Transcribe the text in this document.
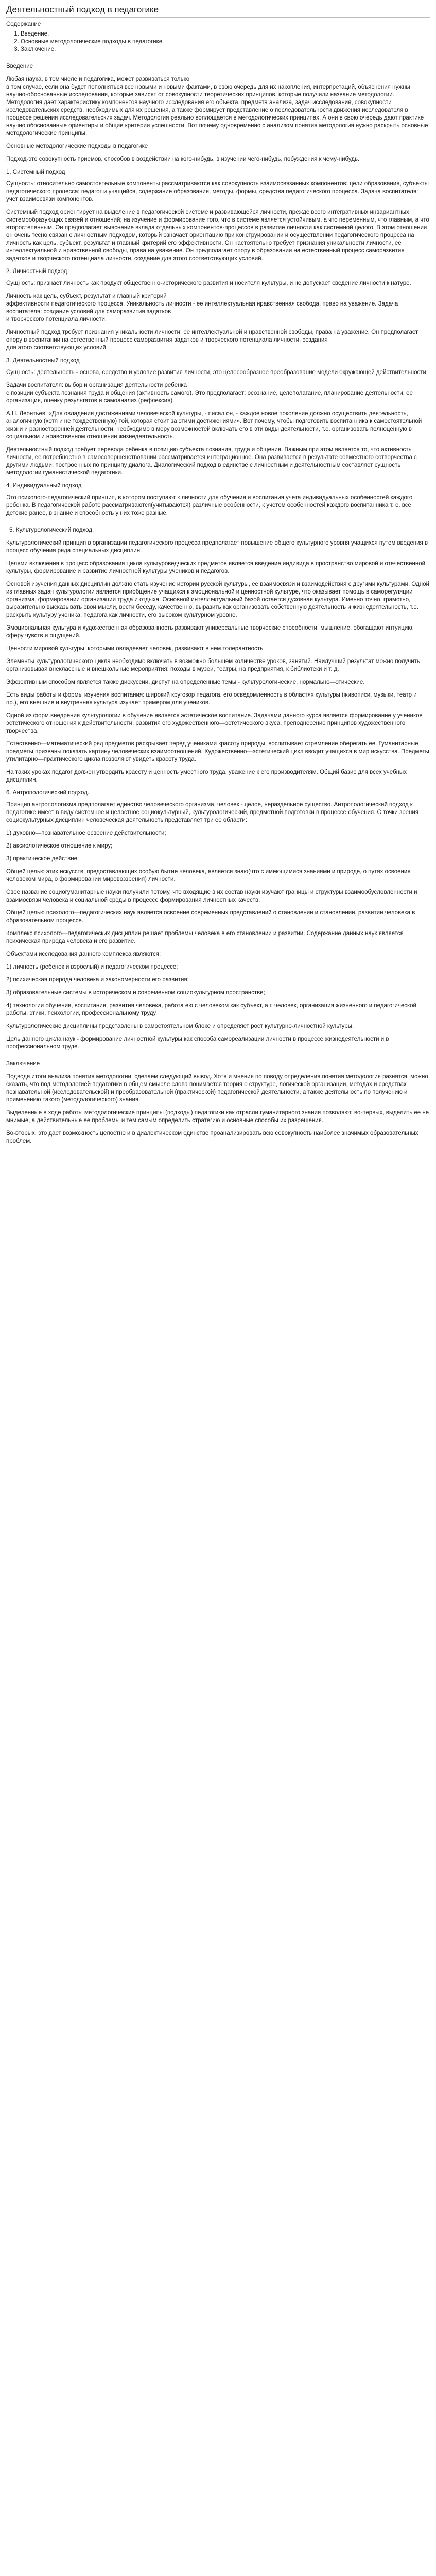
Деятельностный подход в педагогике
Содержание
1. Введение.
2. Основные методологические подходы в педагогике.
3. Заключение.
Введение

Любая наука, в том числе и педагогика, может развиваться только
в том случае, если она будет пополняться все новыми и новыми фактами, в свою очередь для их накопления, интерпретаций, объяснения нужны научно-обоснованные исследования, которые зависят от совокупности теоретических принципов, которые получили название методологии. Методология дает характеристику компонентов научного исследования его объекта, предмета анализа, задач исследования, совокупности исследовательских средств, необходимых для их решения, а также формирует представление о последовательности движения исследователя в процессе решения исследовательских задач. Методология реально воплощается в методологических принципах. А они в свою очередь дают практике научно обоснованные ориентиры и общие критерии успешности. Вот почему одновременно с анализом понятия методология нужно раскрыть основные методологические принципы.

Основные методологические подходы в педагогике

Подход-это совокупность приемов, способов в воздействии на кого-нибудь, в изучении чего-нибудь, побуждения к чему-нибудь.

1. Системный подход

Сущность: относительно самостоятельные компоненты рассматриваются как совокупность взаимосвязанных компонентов: цели образования, субъекты педагогического процесса: педагог и учащийся, содержание образования, методы, формы, средства педагогического процесса. Задача воспитателя: учет взаимосвязи компонентов.

Системный подход ориентирует на выделение в педагогической системе и развивающейся личности, прежде всего интегративных инвариантных системообразующих связей и отношений; на изучение и формирование того, что в системе является устойчивым, а что переменным, что главным, а что второстепенным. Он предполагает выяснение вклада отдельных компонентов-процессов в развитие личности как системной целого. В этом отношении он очень тесно связан с личностным подходом, который означает ориентацию при конструировании и осуществлении педагогического процесса на личность как цель, субъект, результат и главный критерий его эффективности. Он настоятельно требует признания уникальности личности, ее интеллектуальной и нравственной свободы, права на уважение. Он предполагает опору в образовании на естественный процесс саморазвития задатков и творческого потенциала личности, создание для этого соответствующих условий.

2. Личностный подход

Сущность: признает личность как продукт общественно-исторического развития и носителя культуры, и не допускает сведение личности к натуре.

Личность как цель, субъект, результат и главный критерий
эффективности педагогического процесса. Уникальность личности - ее интеллектуальная нравственная свобода, право на уважение. Задача воспитателя: создание условий для саморазвития задатков
и творческого потенциала личности.

Личностный подход требует признания уникальности личности, ее интеллектуальной и нравственной свободы, права на уважение. Он предполагает опору в воспитании на естественный процесс саморазвития задатков и творческого потенциала личности, создания
для этого соответствующих условий.

3. Деятельностный подход

Сущность: деятельность - основа, средство и условие развития личности, это целесообразное преобразование модели окружающей действительности.

Задачи воспитателя: выбор и организация деятельности ребенка
с позиции субъекта познания труда и общения (активность самого). Это предполагает: осознание, целеполагание, планирование деятельности, ее организация, оценку результатов и самоанализ (рефлексия).

А.Н. Леонтьев. «Для овладения достижениями человеческой культуры, - писал он, - каждое новое поколение должно осуществить деятельность, аналогичную (хотя и не тождественную) той, которая стоит за этими достижениями». Вот почему, чтобы подготовить воспитанника к самостоятельной жизни и разносторонней деятельности, необходимо в меру возможностей включать его в эти виды деятельности, т.е. организовать полноценную в социальном и нравственном отношении жизнедеятельность.

Деятельностный подход требует перевода ребенка в позицию субъекта познания, труда и общения. Важным при этом является то, что активность личности, ее потребностно в самосовершенствовании рассматривается интеграционное. Она развивается в результате совместного сотворчества с другими людьми, построенных по принципу диалога. Диалогический подход в единстве с личностным и деятельностным составляет сущность методологии гуманистической педагогики.

4. Индивидуальный подход

Это психолого-педагогический принцип, в котором поступают к личности для обучения и воспитания учета индивидуальных особенностей каждого ребенка. В педагогической работе рассматриваются(учитываются) различные особенности, к учетом особенностей каждого воспитанника т. е. все детские ранее, в знание и способность у них тоже разные.

5. Культурологический подход.

Культурологический принцип в организации педагогического процесса предполагает повышение общего культурного уровня учащихся путем введения в процесс обучения ряда специальных дисциплин.

Целями включения в процесс образования цикла культуроведческих предметов является введение индивида в пространство мировой и отечественной культуры, формирование и развитие личностной культуры учеников и педагогов.

Основой изучения данных дисциплин должно стать изучение истории русской культуры, ее взаимосвязи и взаимодействия с другими культурами. Одной из главных задач культурологии является приобщение учащихся к эмоциональной и ценностной культуре, что оказывает помощь в саморегуляции организма, формировании организации труда и отдыха. Основной интеллектуальный базой остается духовная культура. Именно точно, грамотно, выразительно высказывать свои мысли, вести беседу, качественно, выразить как организовать собственную деятельность и жизнедеятельность, т.е. раскрыть культуру ученика, педагога как личности, его высоком культурном уровне.

Эмоциональная культура и художественная образованность развивают универсальные творческие способности, мышление, обогащают интуицию, сферу чувств и ощущений.

Ценности мировой культуры, которыми овладевает человек, развивают в нем толерантность.

Элементы культурологического цикла необходимо включать в возможно большем количестве уроков, занятий. Наилучший результат можно получить, организовывая внеклассные и внешкольные мероприятия: походы в музеи, театры, на предприятия, к библиотеки и т. д.

Эффективным способом является также дискуссии, диспут на определенные темы - культурологические, нормально—этические.

Есть виды работы и формы изучения воспитания: широкий кругозор педагога, его осведомленность в областях культуры (живописи, музыки, театр и пр.), его внешние и внутренняя культура изучает примером для учеников.

Одной из форм внедрения культурологии в обучение является эстетическое воспитание. Задачами данного курса является формирование у учеников эстетического отношения к действительности, развития его художественного—эстетического вкуса, преподнесение принципов художественного творчества.

Естественно—математический ряд предметов раскрывает перед учениками красоту природы, воспитывает стремление оберегать ее. Гуманитарные предметы призваны показать картину человеческих взаимоотношений. Художественно—эстетический цикл вводит учащихся в мир искусства. Предметы утилитарно—практического цикла позволяют увидеть красоту труда.

На таких уроках педагог должен утвердить красоту и ценность уместного труда, уважение к его производителям. Общий базис для всех учебных дисциплин.

6. Антропологический подход.

Принцип антропологизма предполагает единство человеческого организма, человек - целое, нераздельное существо. Антропологический подход к педагогике имеет в виду системное и целостное социокультурный, культурологический, предметной подготовки в процессе обучения. С точки зрения социокультурных дисциплин человеческая деятельность представляет три ее области:

1) духовно—познавательное освоение действительности;

2) аксиологическое отношение к миру;

3) практическое действие.

Общей целью этих искусств, предоставляющих особую бытие человека, является знаю(что с имеющимися знаниями и природе, о путях освоения человеком мира, о формировании мировоззрения) личности.

Свое название социогуманитарные науки получили потому, что входящие в их состав науки изучают границы и структуры взаимообусловленности и взаимосвязи человека и социальной среды в процессе формирования личностных качеств.

Общей целью психолого—педагогических наук является освоение современных представлений о становлении и становлении, развитии человека в образовательном процессе.

Комплекс психолого—педагогических дисциплин решает проблемы человека в его становлении и развитии. Содержание данных наук является психическая природа человека и его развитие.

Объектами исследования данного комплекса являются:

1) личность (ребенок и взрослый) и педагогическом процессе;

2) психическая природа человека и закономерности его развития;

3) образовательные системы в историческом и современном социокультурном пространстве;

4) технологии обучения, воспитания, развития человека, работа ею с человеком как субъект, а г. человек, организация жизненного и педагогической работы, этики, психологии, профессиональному труду.

Культурологические дисциплины представлены в самостоятельном блоке и определяет рост культурно-личностной культуры.

Цель данного цикла наук - формирование личностной культуры как способа самореализации личности в процессе жизнедеятельности и в профессиональном труде.

Заключение

Подводя итоги анализа понятия методологии, сделаем следующий вывод. Хотя и мнения по поводу определения понятия методология разнятся, можно сказать, что под методологией педагогики в общем смысле слова понимается теория о структуре, логической организации, методах и средствах познавательной (исследовательской) и преобразовательной (практической) педагогической деятельности, а также деятельность по получению и применению такого (методологического) знания.

Выделенные в ходе работы методологические принципы (подходы) педагогики как отрасли гуманитарного знания позволяют, во-первых, выделить ее не мнимые, а действительные ее проблемы и тем самым определить стратегию и основные способы их разрешения.

Во-вторых, это дает возможность целостно и в диалектическом единстве проанализировать всю совокупность наиболее значимых образовательных проблем.
